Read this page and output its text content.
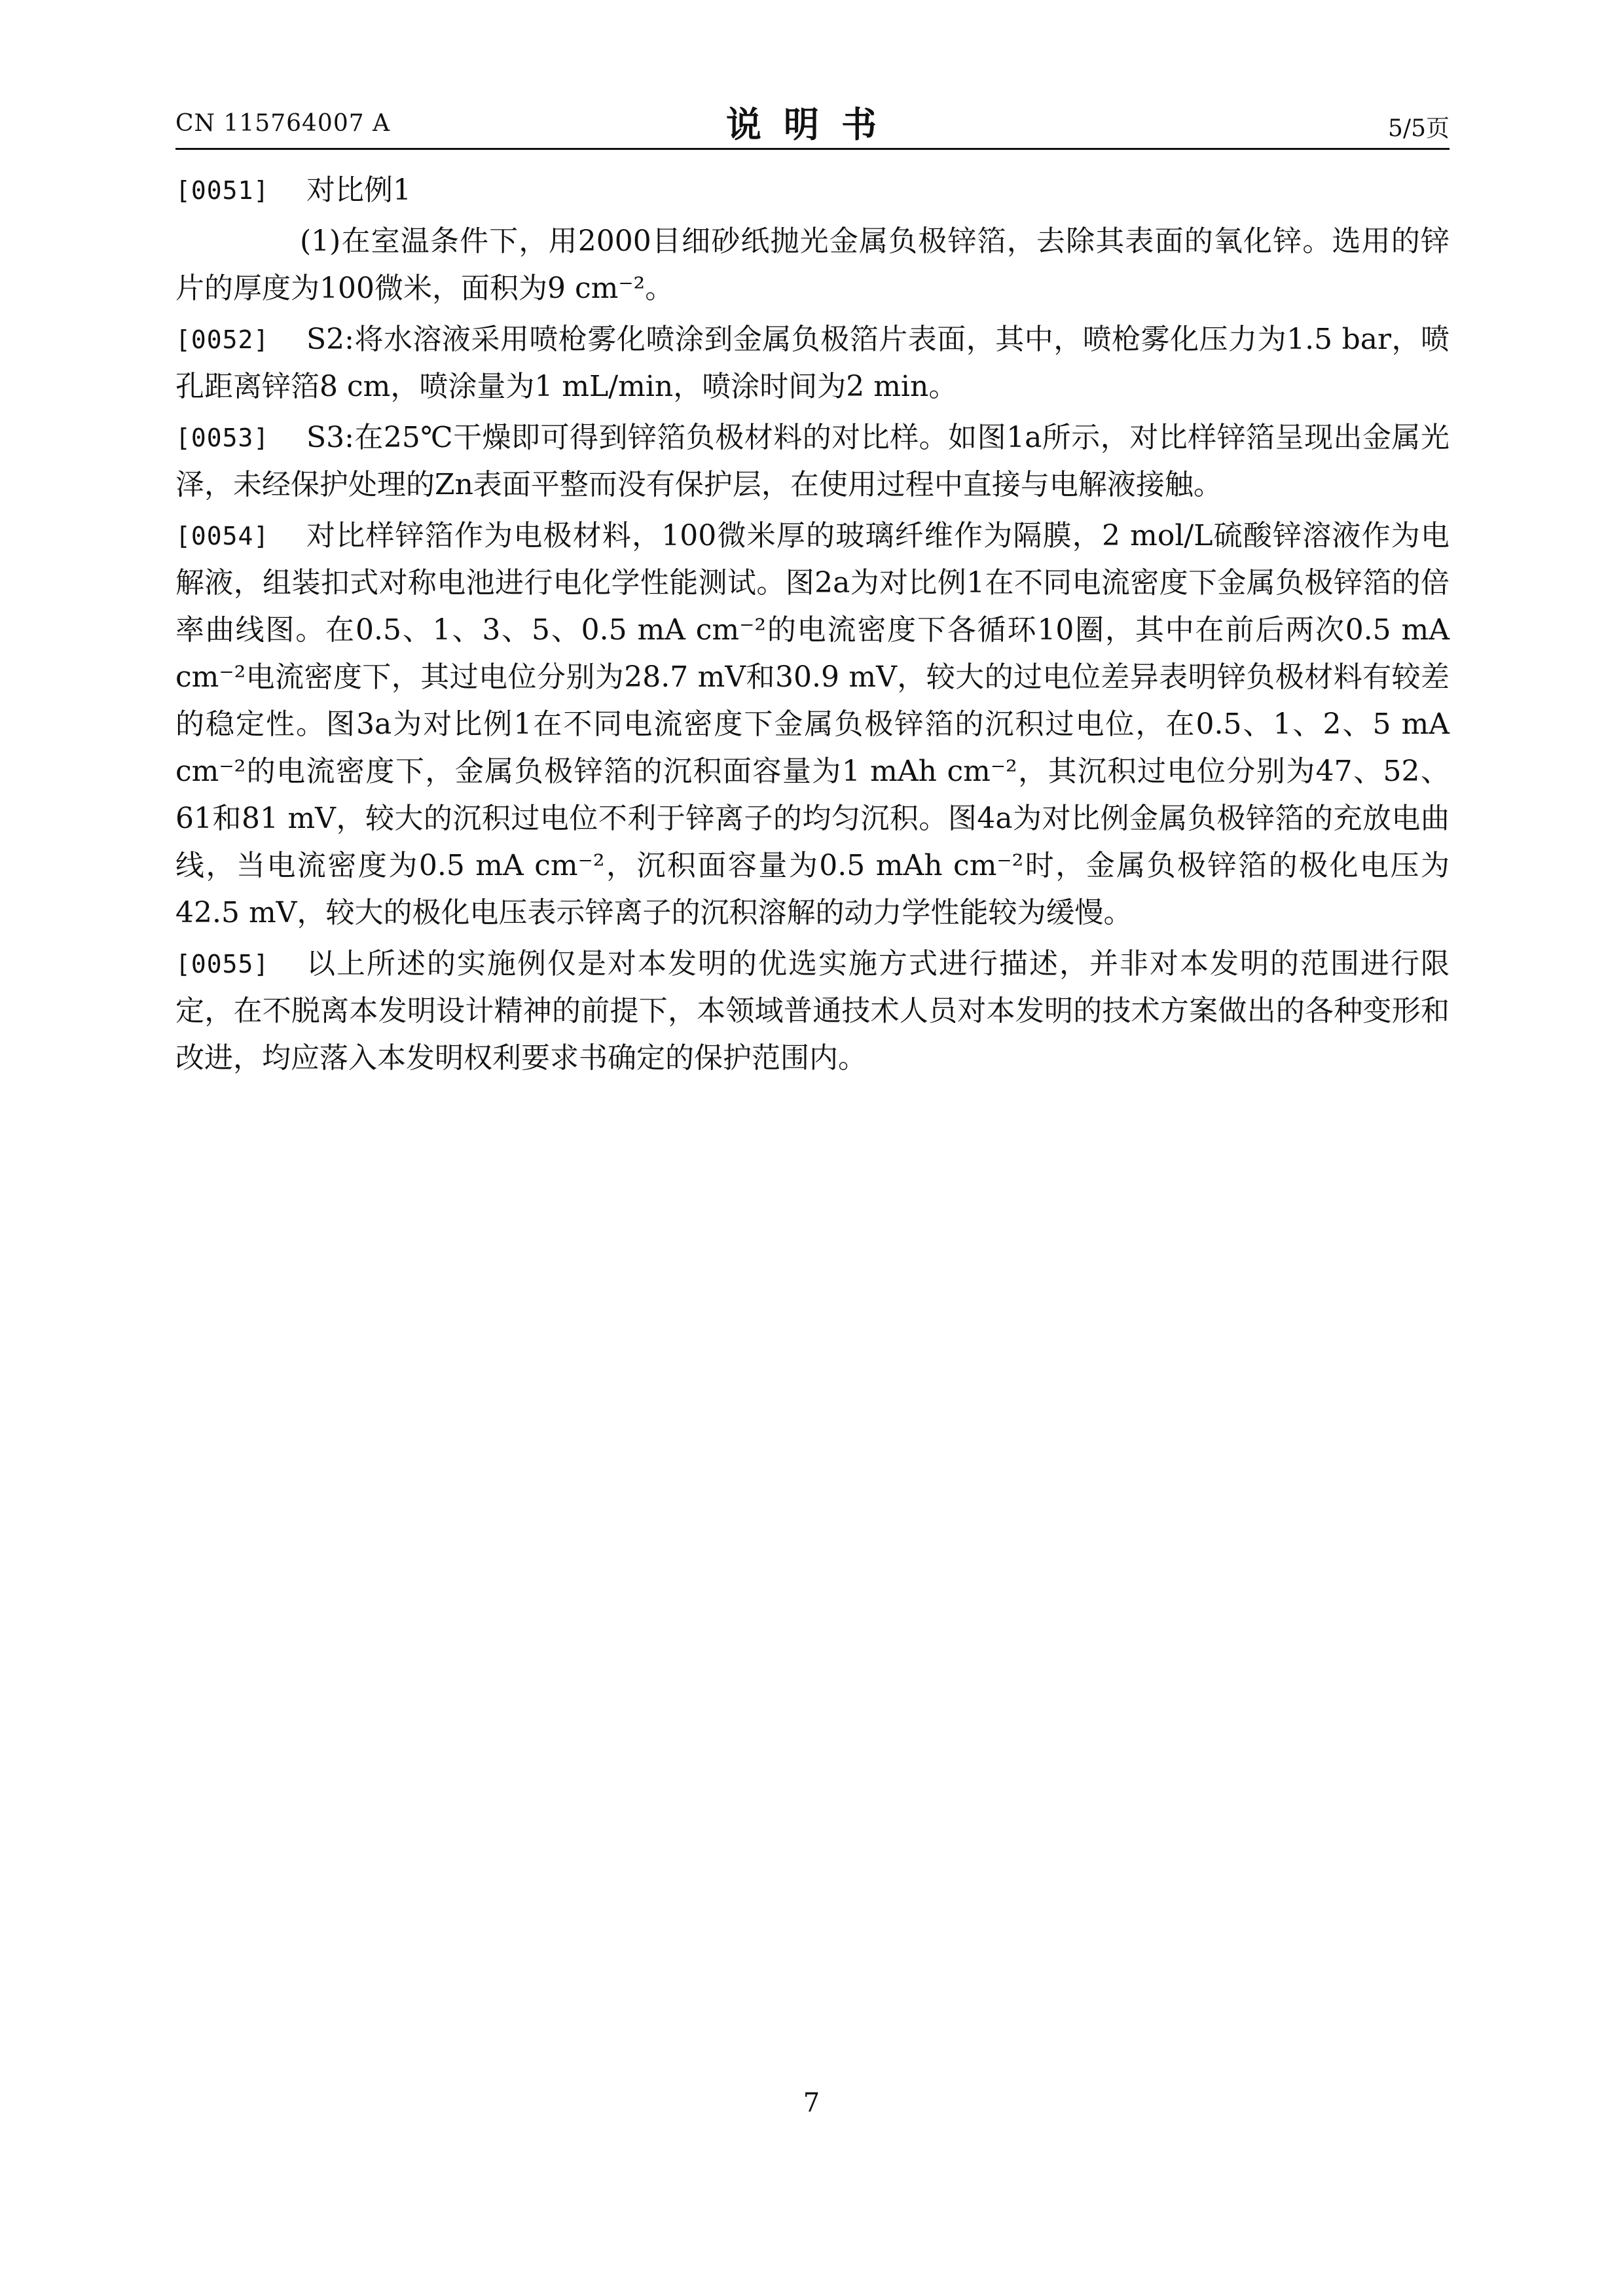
CN 115764007 A	说明书	5/5页
[0051]	对比例1
(1)在室温条件下，用2000目细砂纸抛光金属负极锌箔，去除其表面的氧化锌。选用的锌片的厚度为100微米，面积为9 cm⁻²。
[0052]	S2:将水溶液采用喷枪雾化喷涂到金属负极箔片表面，其中，喷枪雾化压力为1.5 bar，喷孔距离锌箔8 cm，喷涂量为1 mL/min，喷涂时间为2 min。
[0053]	S3:在25℃干燥即可得到锌箔负极材料的对比样。如图1a所示，对比样锌箔呈现出金属光泽，未经保护处理的Zn表面平整而没有保护层，在使用过程中直接与电解液接触。
[0054]	对比样锌箔作为电极材料，100微米厚的玻璃纤维作为隔膜，2 mol/L硫酸锌溶液作为电解液，组装扣式对称电池进行电化学性能测试。图2a为对比例1在不同电流密度下金属负极锌箔的倍率曲线图。在0.5、1、3、5、0.5 mA cm⁻²的电流密度下各循环10圈，其中在前后两次0.5 mA cm⁻²电流密度下，其过电位分别为28.7 mV和30.9 mV，较大的过电位差异表明锌负极材料有较差的稳定性。图3a为对比例1在不同电流密度下金属负极锌箔的沉积过电位，在0.5、1、2、5 mA cm⁻²的电流密度下，金属负极锌箔的沉积面容量为1 mAh cm⁻²，其沉积过电位分别为47、52、61和81 mV，较大的沉积过电位不利于锌离子的均匀沉积。图4a为对比例金属负极锌箔的充放电曲线，当电流密度为0.5 mA cm⁻²，沉积面容量为0.5 mAh cm⁻²时，金属负极锌箔的极化电压为42.5 mV，较大的极化电压表示锌离子的沉积溶解的动力学性能较为缓慢。
[0055]	以上所述的实施例仅是对本发明的优选实施方式进行描述，并非对本发明的范围进行限定，在不脱离本发明设计精神的前提下，本领域普通技术人员对本发明的技术方案做出的各种变形和改进，均应落入本发明权利要求书确定的保护范围内。
7
